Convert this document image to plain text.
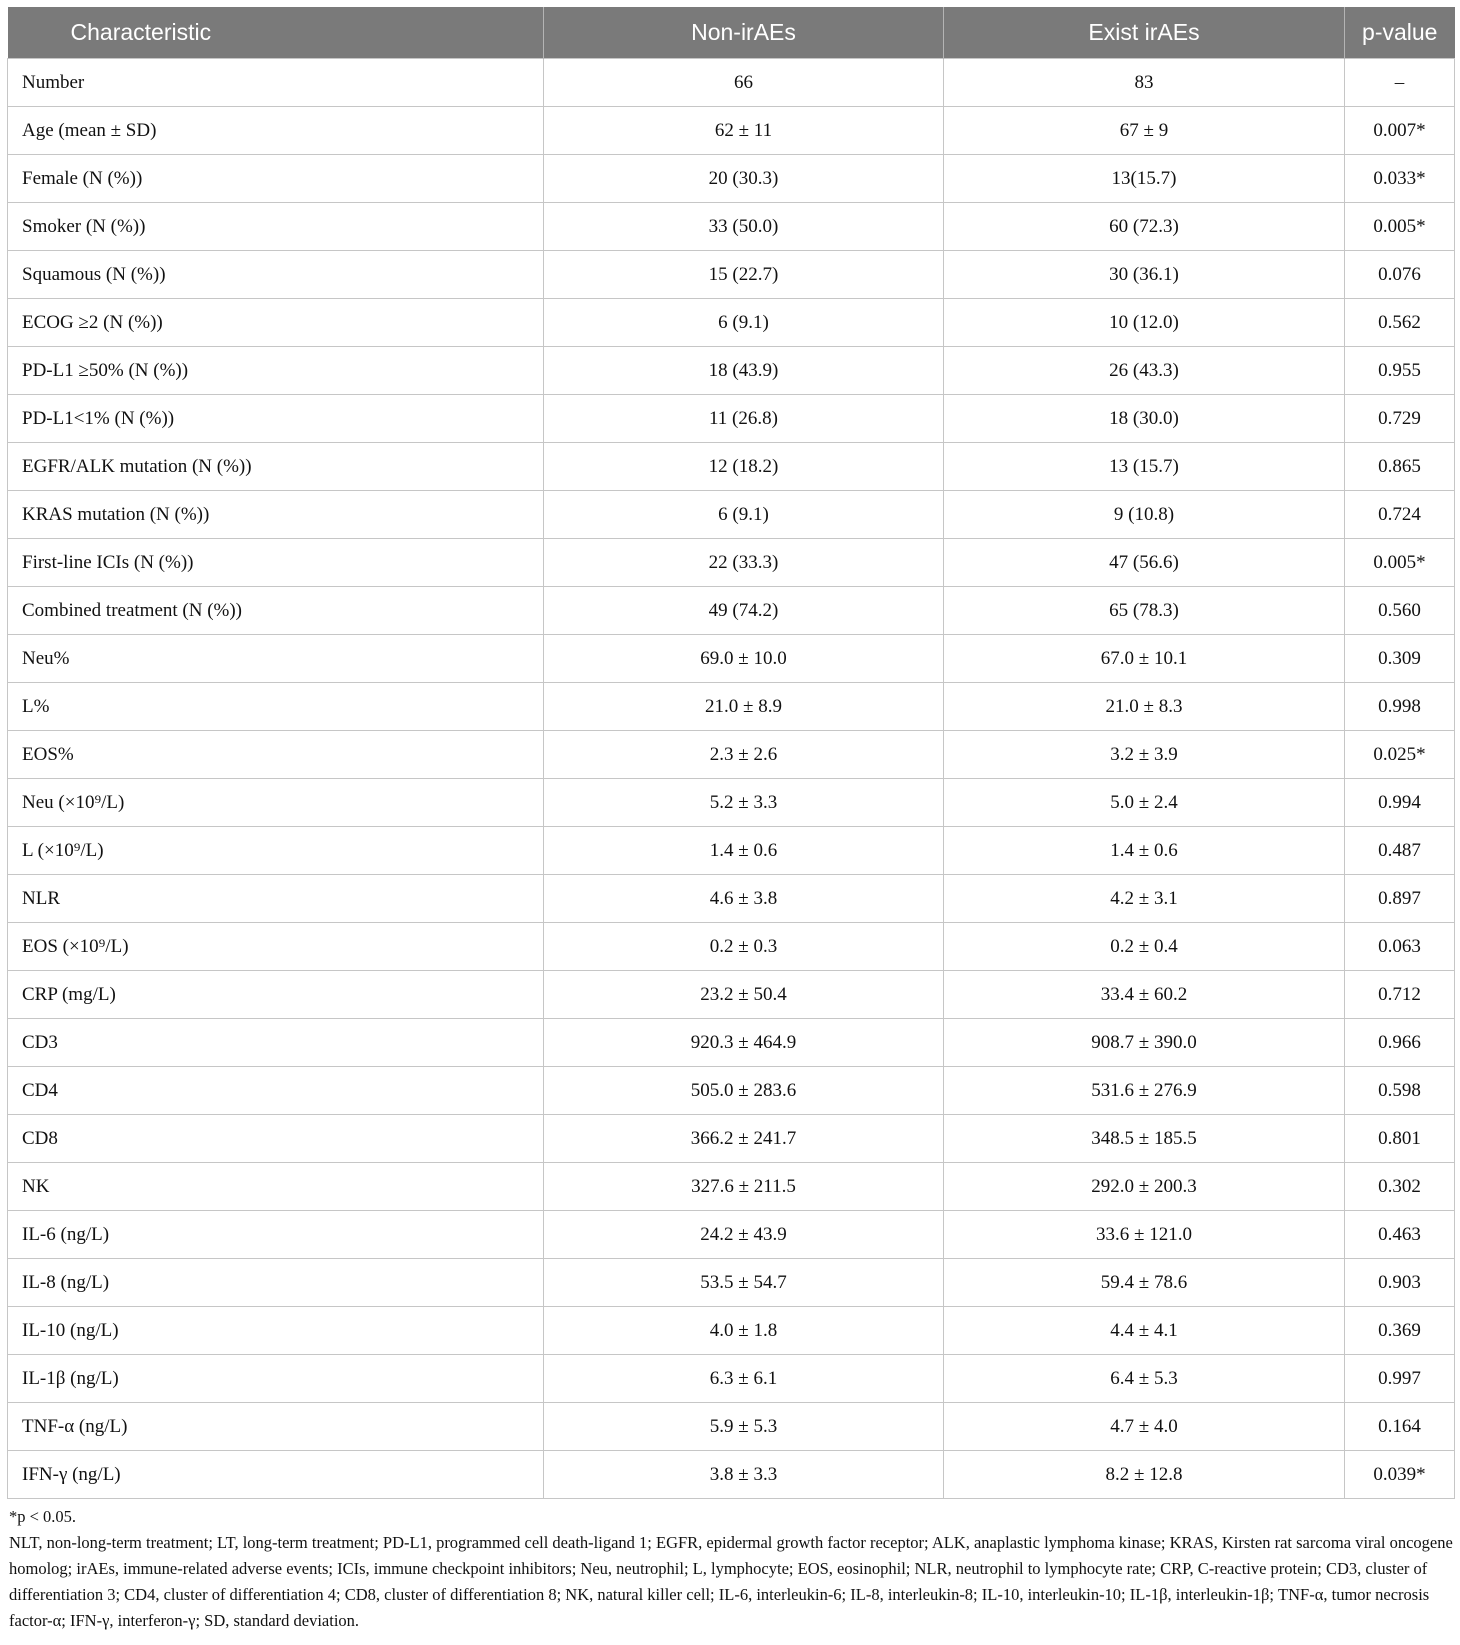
Characteristic	Non-irAEs	Exist irAEs	p-value
Number	66	83	–
Age (mean ± SD)	62 ± 11	67 ± 9	0.007*
Female (N (%))	20 (30.3)	13(15.7)	0.033*
Smoker (N (%))	33 (50.0)	60 (72.3)	0.005*
Squamous (N (%))	15 (22.7)	30 (36.1)	0.076
ECOG ≥2 (N (%))	6 (9.1)	10 (12.0)	0.562
PD-L1 ≥50% (N (%))	18 (43.9)	26 (43.3)	0.955
PD-L1<1% (N (%))	11 (26.8)	18 (30.0)	0.729
EGFR/ALK mutation (N (%))	12 (18.2)	13 (15.7)	0.865
KRAS mutation (N (%))	6 (9.1)	9 (10.8)	0.724
First-line ICIs (N (%))	22 (33.3)	47 (56.6)	0.005*
Combined treatment (N (%))	49 (74.2)	65 (78.3)	0.560
Neu%	69.0 ± 10.0	67.0 ± 10.1	0.309
L%	21.0 ± 8.9	21.0 ± 8.3	0.998
EOS%	2.3 ± 2.6	3.2 ± 3.9	0.025*
Neu (×10⁹/L)	5.2 ± 3.3	5.0 ± 2.4	0.994
L (×10⁹/L)	1.4 ± 0.6	1.4 ± 0.6	0.487
NLR	4.6 ± 3.8	4.2 ± 3.1	0.897
EOS (×10⁹/L)	0.2 ± 0.3	0.2 ± 0.4	0.063
CRP (mg/L)	23.2 ± 50.4	33.4 ± 60.2	0.712
CD3	920.3 ± 464.9	908.7 ± 390.0	0.966
CD4	505.0 ± 283.6	531.6 ± 276.9	0.598
CD8	366.2 ± 241.7	348.5 ± 185.5	0.801
NK	327.6 ± 211.5	292.0 ± 200.3	0.302
IL-6 (ng/L)	24.2 ± 43.9	33.6 ± 121.0	0.463
IL-8 (ng/L)	53.5 ± 54.7	59.4 ± 78.6	0.903
IL-10 (ng/L)	4.0 ± 1.8	4.4 ± 4.1	0.369
IL-1β (ng/L)	6.3 ± 6.1	6.4 ± 5.3	0.997
TNF-α (ng/L)	5.9 ± 5.3	4.7 ± 4.0	0.164
IFN-γ (ng/L)	3.8 ± 3.3	8.2 ± 12.8	0.039*
*p < 0.05.
NLT, non-long-term treatment; LT, long-term treatment; PD-L1, programmed cell death-ligand 1; EGFR, epidermal growth factor receptor; ALK, anaplastic lymphoma kinase; KRAS, Kirsten rat sarcoma viral oncogene homolog; irAEs, immune-related adverse events; ICIs, immune checkpoint inhibitors; Neu, neutrophil; L, lymphocyte; EOS, eosinophil; NLR, neutrophil to lymphocyte rate; CRP, C-reactive protein; CD3, cluster of differentiation 3; CD4, cluster of differentiation 4; CD8, cluster of differentiation 8; NK, natural killer cell; IL-6, interleukin-6; IL-8, interleukin-8; IL-10, interleukin-10; IL-1β, interleukin-1β; TNF-α, tumor necrosis factor-α; IFN-γ, interferon-γ; SD, standard deviation.
